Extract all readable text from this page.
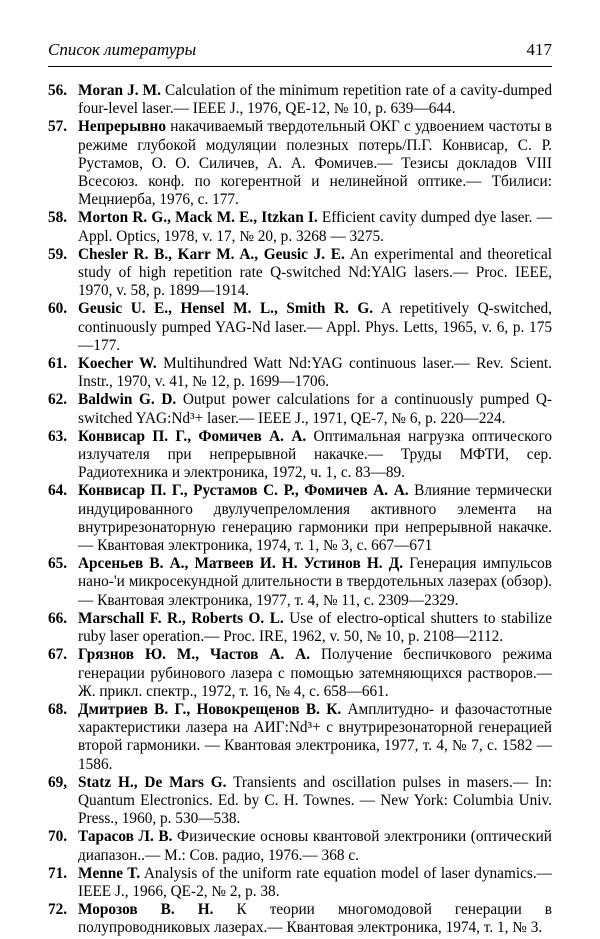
Список литературы	417
56. Moran J. M. Calculation of the minimum repetition rate of a cavity-dumped four-level laser.— IEEE J., 1976, QE-12, № 10, p. 639—644.
57. Непрерывно накачиваемый твердотельный ОКГ с удвоением частоты в режиме глубокой модуляции полезных потерь/П.Г. Конвисар, С. Р. Рустамов, О. О. Силичев, А. А. Фомичев.— Тезисы докладов VIII Всесоюз. конф. по когерентной и нелинейной оптике.— Тбилиси: Мецниерба, 1976, с. 177.
58. Morton R. G., Mack M. E., Itzkan I. Efficient cavity dumped dye laser. — Appl. Optics, 1978, v. 17, № 20, p. 3268 — 3275.
59. Chesler R. B., Karr M. A., Geusic J. E. An experimental and theoretical study of high repetition rate Q-switched Nd:YAlG lasers.— Proc. IEEE, 1970, v. 58, p. 1899—1914.
60. Geusic U. E., Hensel M. L., Smith R. G. A repetitively Q-switched, continuously pumped YAG-Nd laser.— Appl. Phys. Letts, 1965, v. 6, p. 175—177.
61. Koecher W. Multihundred Watt Nd:YAG continuous laser.— Rev. Scient. Instr., 1970, v. 41, № 12, p. 1699—1706.
62. Baldwin G. D. Output power calculations for a continuously pumped Q-switched YAG:Nd³+ laser.— IEEE J., 1971, QE-7, № 6, p. 220—224.
63. Конвисар П. Г., Фомичев А. А. Оптимальная нагрузка оптического излучателя при непрерывной накачке.— Труды МФТИ, сер. Радиотехника и электроника, 1972, ч. 1, с. 83—89.
64. Конвисар П. Г., Рустамов С. Р., Фомичев А. А. Влияние термически индуцированного двулучепреломления активного элемента на внутрирезонаторную генерацию гармоники при непрерывной накачке.— Квантовая электроника, 1974, т. 1, № 3, с. 667—671
65. Арсеньев В. А., Матвеев И. Н. Устинов Н. Д. Генерация импульсов нано-'и микросекундной длительности в твердотельных лазерах (обзор). — Квантовая электроника, 1977, т. 4, № 11, с. 2309—2329.
66. Marschall F. R., Roberts O. L. Use of electro-optical shutters to stabilize ruby laser operation.— Proc. IRE, 1962, v. 50, № 10, p. 2108—2112.
67. Грязнов Ю. М., Частов А. А. Получение беспичкового режима генерации рубинового лазера с помощью затемняющихся растворов.— Ж. прикл. спектр., 1972, т. 16, № 4, с. 658—661.
68. Дмитриев В. Г., Новокрещенов В. К. Амплитудно- и фазочастотные характеристики лазера на АИГ:Nd³+ с внутрирезонаторной генерацией второй гармоники. — Квантовая электроника, 1977, т. 4, № 7, с. 1582 — 1586.
69, Statz H., De Mars G. Transients and oscillation pulses in masers.— In: Quantum Electronics. Ed. by C. H. Townes. — New York: Columbia Univ. Press., 1960, p. 530—538.
70. Тарасов Л. В. Физические основы квантовой электроники (оптический диапазон..— М.: Сов. радио, 1976.— 368 с.
71. Menne T. Analysis of the uniform rate equation model of laser dynamics.— IEEE J., 1966, QE-2, № 2, p. 38.
72. Морозов В. Н. К теории многомодовой генерации в полупроводниковых лазерах.— Квантовая электроника, 1974, т. 1, № 3.
